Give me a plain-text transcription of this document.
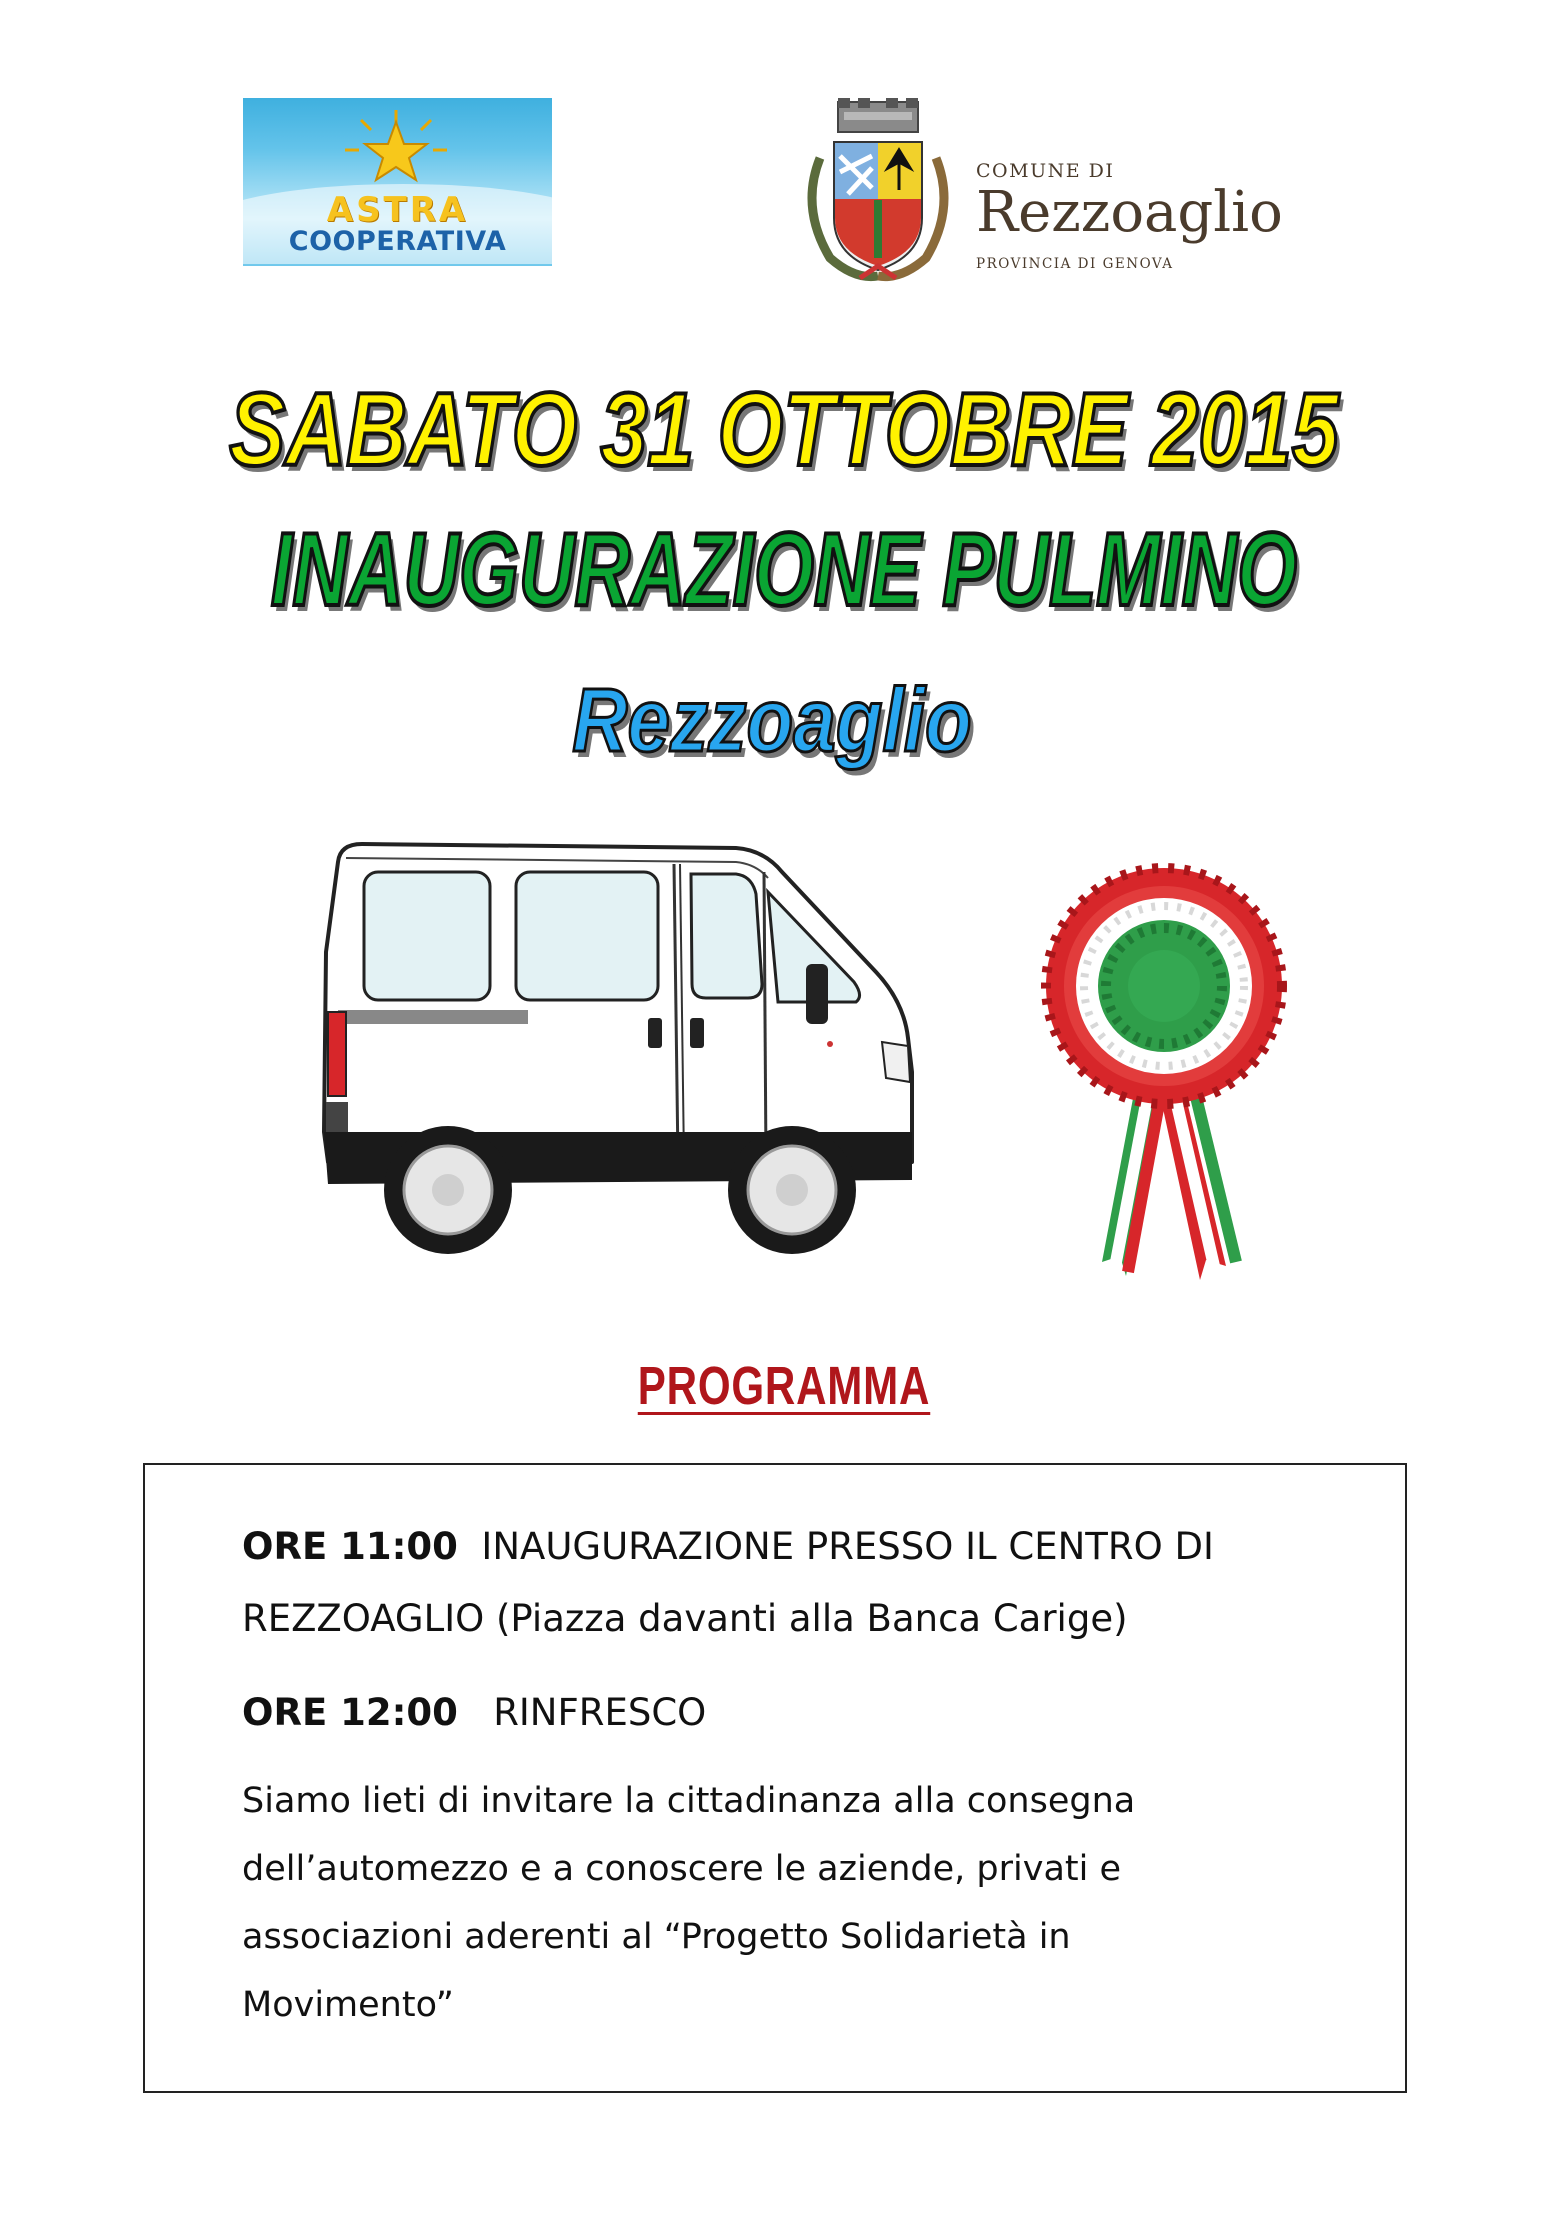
ASTRA
COOPERATIVA
COMUNE DI
Rezzoaglio
PROVINCIA DI GENOVA
SABATO 31 OTTOBRE 2015
INAUGURAZIONE PULMINO
Rezzoaglio
PROGRAMMA
ORE 11:00 INAUGURAZIONE PRESSO IL CENTRO DI
REZZOAGLIO (Piazza davanti alla Banca Carige)
ORE 12:00 RINFRESCO
Siamo lieti di invitare la cittadinanza alla consegna
dell’automezzo e a conoscere le aziende, privati e
associazioni aderenti al “Progetto Solidarietà in
Movimento”
